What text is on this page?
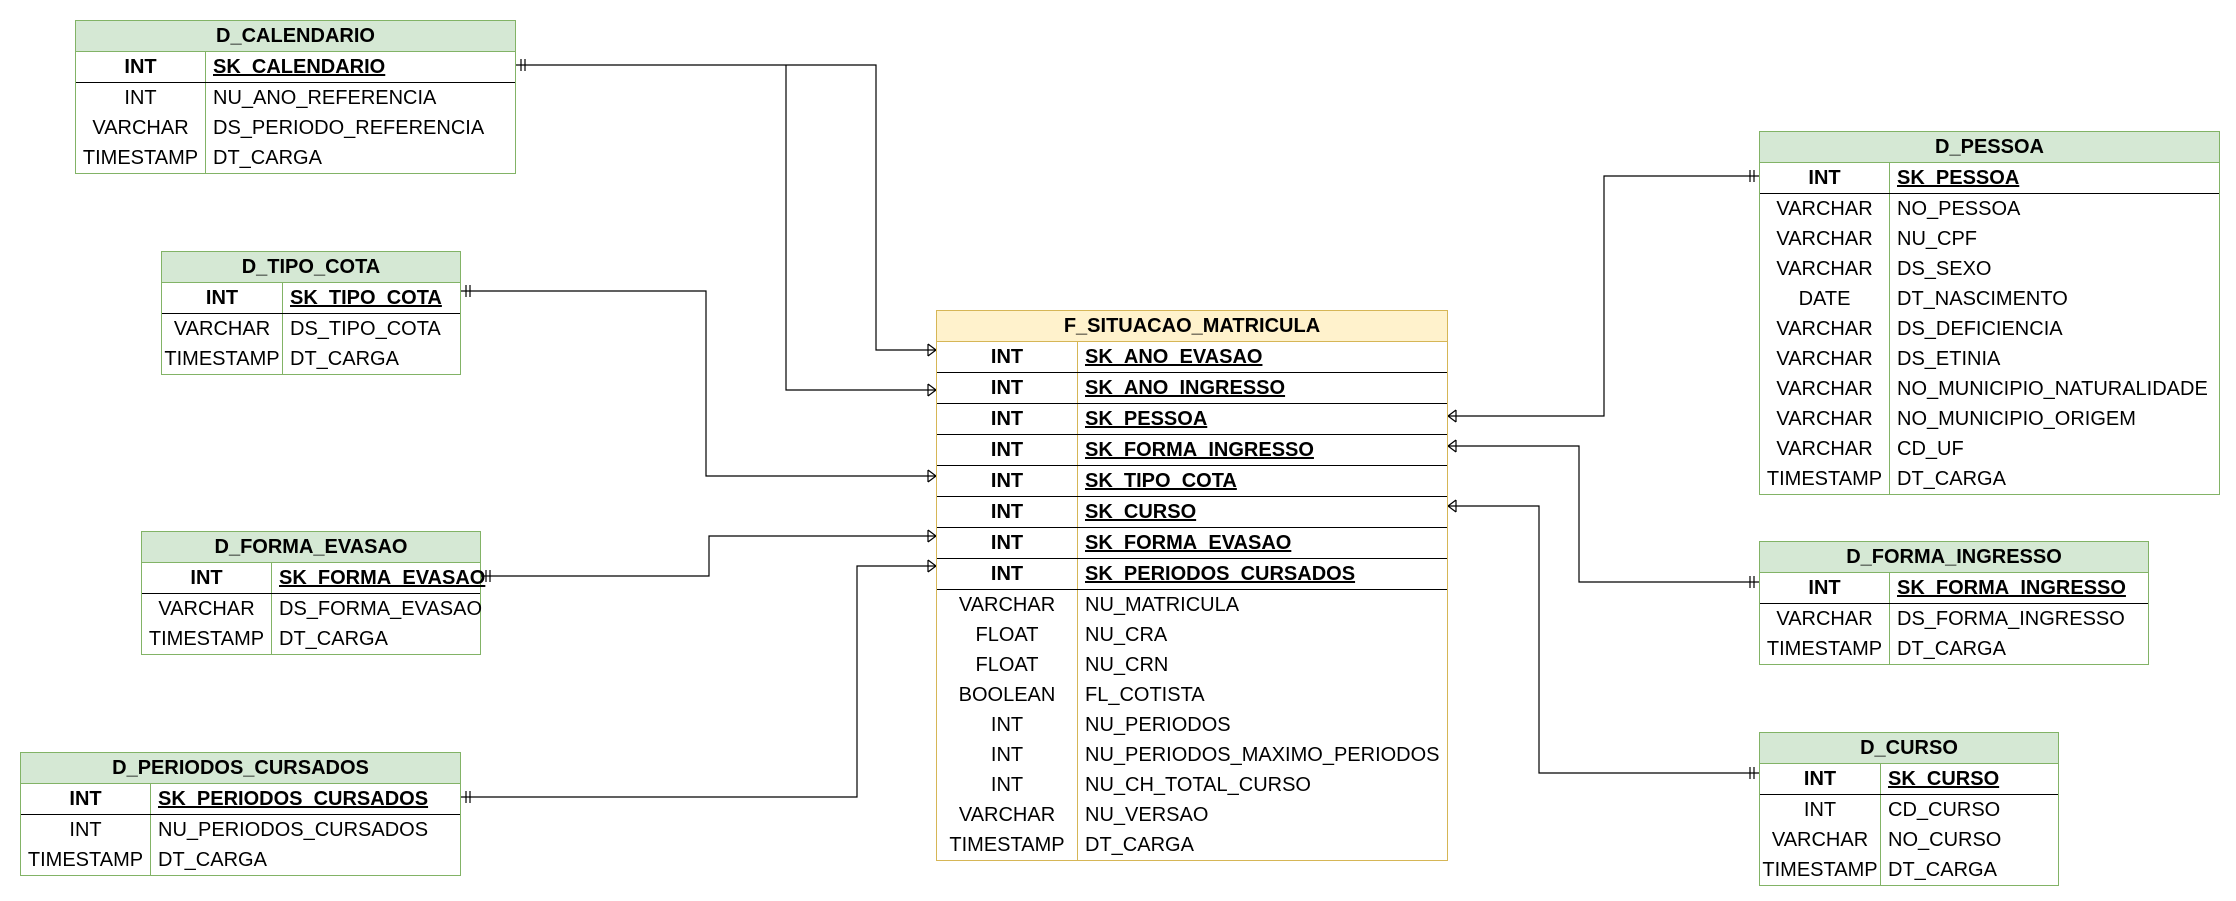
D_CALENDARIO
INT	SK_CALENDARIO
INT	NU_ANO_REFERENCIA
VARCHAR	DS_PERIODO_REFERENCIA
TIMESTAMP DT_CARGA
D_TIPO_COTA
INT	SK_TIPO_COTA
VARCHAR DS_TIPO_COTA
TIMESTAMP DT_CARGA
D_FORMA_EVASAO
INT	SK_FORMA_EVASAO
VARCHAR	DS_FORMA_EVASAO
TIMESTAMP DT_CARGA
D_PERIODOS_CURSADOS
INT	SK_PERIODOS_CURSADOS
INT	NU_PERIODOS_CURSADOS
TIMESTAMP DT_CARGA
F_SITUACAO_MATRICULA
INT	SK_ANO_EVASAO
INT	SK_ANO_INGRESSO
INT	SK_PESSOA
INT	SK_FORMA_INGRESSO
INT	SK_TIPO_COTA
INT	SK_CURSO
INT	SK_FORMA_EVASAO
INT	SK_PERIODOS_CURSADOS
VARCHAR	NU_MATRICULA
FLOAT	NU_CRA
FLOAT	NU_CRN
BOOLEAN	FL_COTISTA
INT	NU_PERIODOS
INT	NU_PERIODOS_MAXIMO_PERIODOS
INT	NU_CH_TOTAL_CURSO
VARCHAR	NU_VERSAO
TIMESTAMP	DT_CARGA
D_PESSOA
INT	SK_PESSOA
VARCHAR	NO_PESSOA
VARCHAR	NU_CPF
VARCHAR	DS_SEXO
DATE	DT_NASCIMENTO
VARCHAR	DS_DEFICIENCIA
VARCHAR	DS_ETINIA
VARCHAR	NO_MUNICIPIO_NATURALIDADE
VARCHAR	NO_MUNICIPIO_ORIGEM
VARCHAR	CD_UF
TIMESTAMP DT_CARGA
D_FORMA_INGRESSO
INT	SK_FORMA_INGRESSO
VARCHAR	DS_FORMA_INGRESSO
TIMESTAMP DT_CARGA
D_CURSO
INT	SK_CURSO
INT	CD_CURSO
VARCHAR NO_CURSO
TIMESTAMP DT_CARGA
